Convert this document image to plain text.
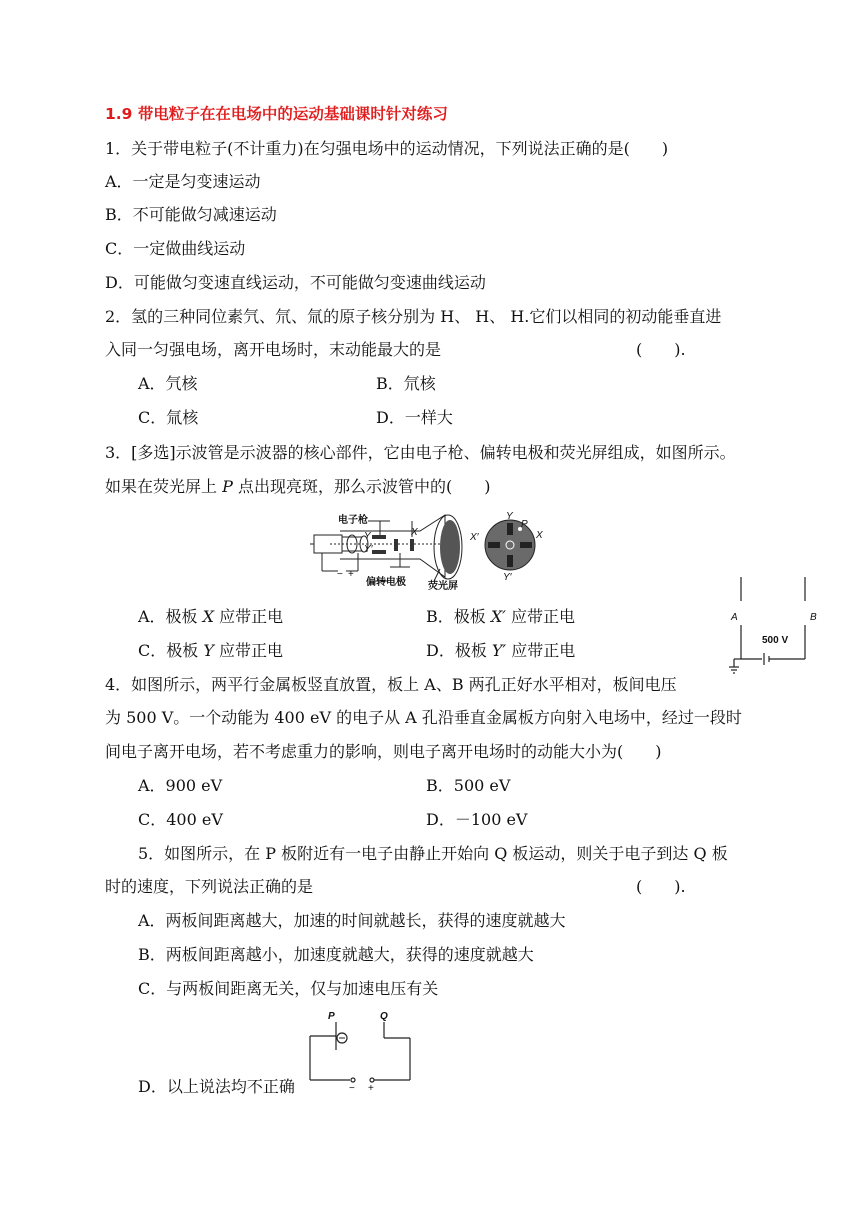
1.9 带电粒子在在电场中的运动基础课时针对练习
1．关于带电粒子(不计重力)在匀强电场中的运动情况，下列说法正确的是(　　)
A．一定是匀变速运动
B．不可能做匀减速运动
C．一定做曲线运动
D．可能做匀变速直线运动，不可能做匀变速曲线运动
2．氢的三种同位素氕、氘、氚的原子核分别为 H、 H、 H.它们以相同的初动能垂直进
入同一匀强电场，离开电场时，末动能最大的是	(　　).
A．氕核	B．氘核
C．氚核	D．一样大
3．[多选]示波管是示波器的核心部件，它由电子枪、偏转电极和荧光屏组成，如图所示。
如果在荧光屏上 P 点出现亮斑，那么示波管中的(　　)
电子枪
偏转电极 荧光屏
− +
Y
Y′
X	X′
Y
Y′
X
P
A．极板 X 应带正电	B．极板 X′ 应带正电
C．极板 Y 应带正电	D．极板 Y′ 应带正电
A	B
500 V
4．如图所示，两平行金属板竖直放置，板上 A、B 两孔正好水平相对，板间电压
为 500 V。一个动能为 400 eV 的电子从 A 孔沿垂直金属板方向射入电场中，经过一段时
间电子离开电场，若不考虑重力的影响，则电子离开电场时的动能大小为(　　)
A．900 eV	B．500 eV
C．400 eV	D．－100 eV
5．如图所示，在 P 板附近有一电子由静止开始向 Q 板运动，则关于电子到达 Q 板
时的速度，下列说法正确的是	(　　).
A．两板间距离越大，加速的时间就越长，获得的速度就越大
B．两板间距离越小，加速度就越大，获得的速度就越大
C．与两板间距离无关，仅与加速电压有关
P	Q
− +
D．以上说法均不正确
